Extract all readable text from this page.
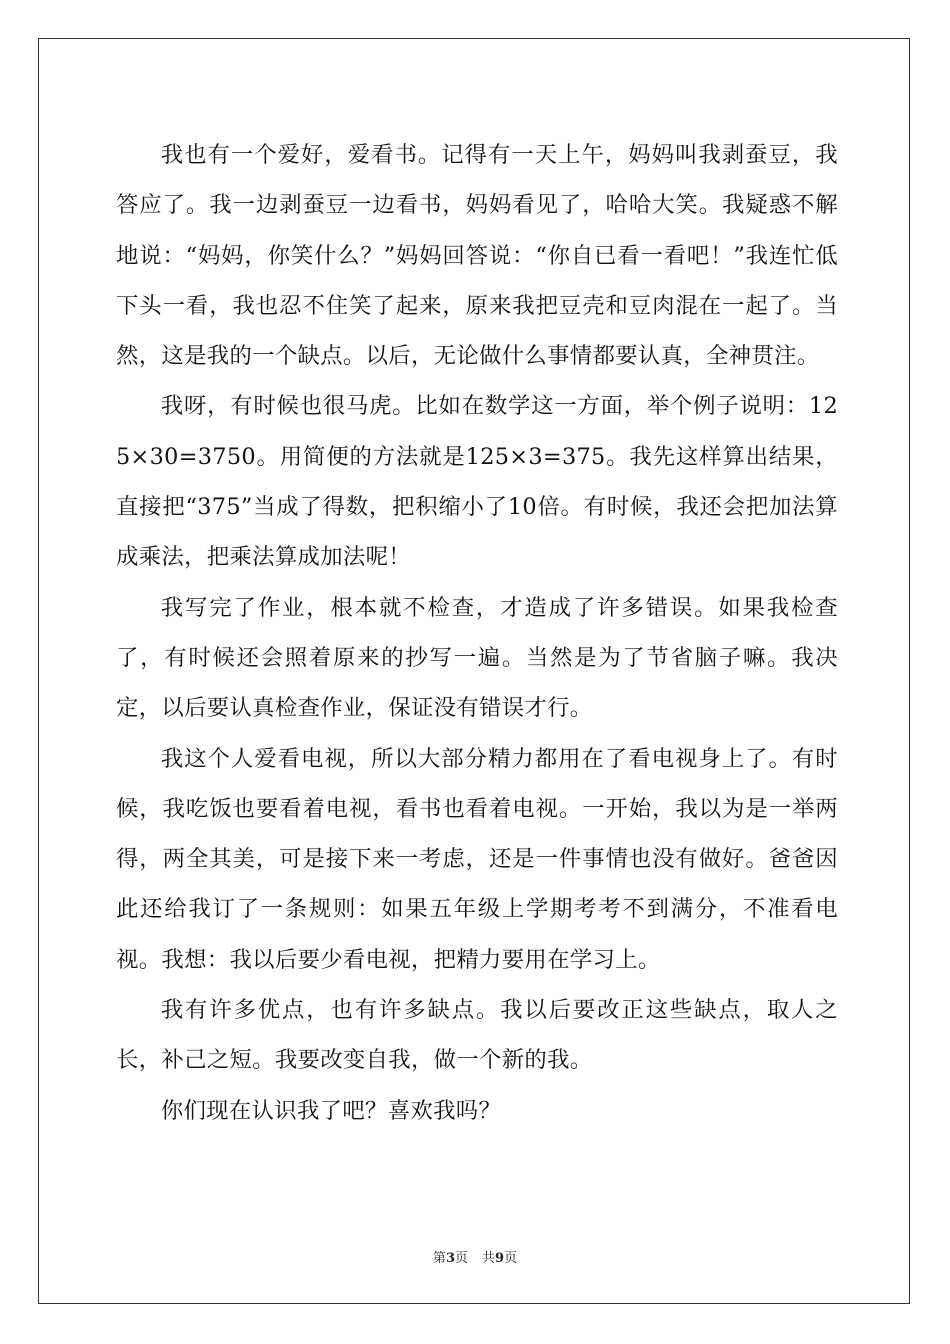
我也有一个爱好，爱看书。记得有一天上午，妈妈叫我剥蚕豆，我答应了。我一边剥蚕豆一边看书，妈妈看见了，哈哈大笑。我疑惑不解地说：“妈妈，你笑什么？”妈妈回答说：“你自已看一看吧！”我连忙低下头一看，我也忍不住笑了起来，原来我把豆壳和豆肉混在一起了。当然，这是我的一个缺点。以后，无论做什么事情都要认真，全神贯注。

我呀，有时候也很马虎。比如在数学这一方面，举个例子说明：125×30=3750。用简便的方法就是125×3=375。我先这样算出结果，直接把“375”当成了得数，把积缩小了10倍。有时候，我还会把加法算成乘法，把乘法算成加法呢！

我写完了作业，根本就不检查，才造成了许多错误。如果我检查了，有时候还会照着原来的抄写一遍。当然是为了节省脑子嘛。我决定，以后要认真检查作业，保证没有错误才行。

我这个人爱看电视，所以大部分精力都用在了看电视身上了。有时候，我吃饭也要看着电视，看书也看着电视。一开始，我以为是一举两得，两全其美，可是接下来一考虑，还是一件事情也没有做好。爸爸因此还给我订了一条规则：如果五年级上学期考考不到满分，不准看电视。我想：我以后要少看电视，把精力要用在学习上。

我有许多优点，也有许多缺点。我以后要改正这些缺点，取人之长，补己之短。我要改变自我，做一个新的我。

你们现在认识我了吧？喜欢我吗？

第3页 共9页
